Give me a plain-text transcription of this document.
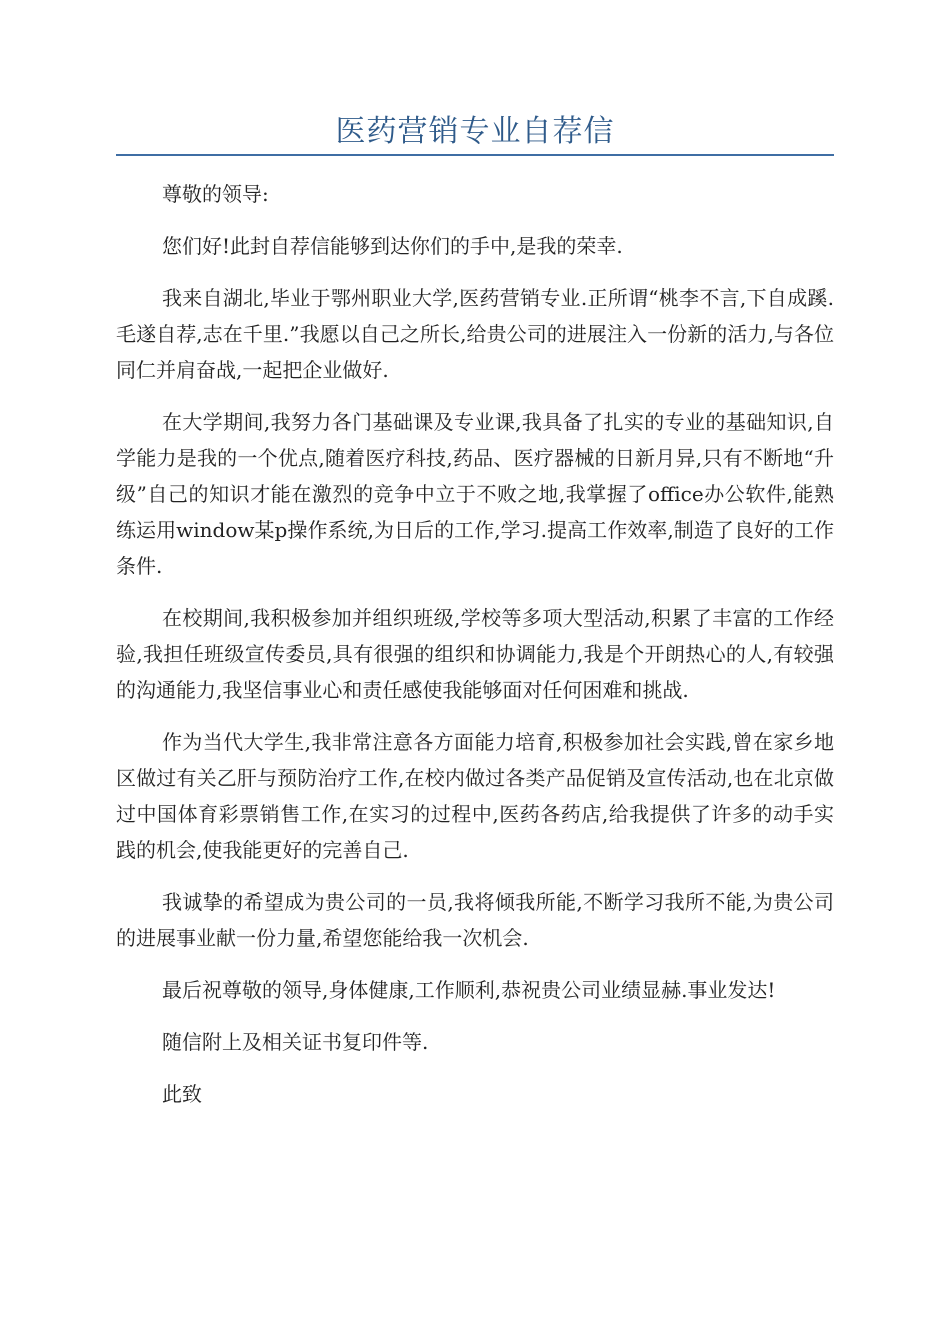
医药营销专业自荐信

尊敬的领导:

您们好!此封自荐信能够到达你们的手中,是我的荣幸.

我来自湖北,毕业于鄂州职业大学,医药营销专业.正所谓“桃李不言,下自成蹊.毛遂自荐,志在千里.”我愿以自己之所长,给贵公司的进展注入一份新的活力,与各位同仁并肩奋战,一起把企业做好.

在大学期间,我努力各门基础课及专业课,我具备了扎实的专业的基础知识,自学能力是我的一个优点,随着医疗科技,药品、医疗器械的日新月异,只有不断地“升级”自己的知识才能在激烈的竞争中立于不败之地,我掌握了office办公软件,能熟练运用window某p操作系统,为日后的工作,学习.提高工作效率,制造了良好的工作条件.

在校期间,我积极参加并组织班级,学校等多项大型活动,积累了丰富的工作经验,我担任班级宣传委员,具有很强的组织和协调能力,我是个开朗热心的人,有较强的沟通能力,我坚信事业心和责任感使我能够面对任何困难和挑战.

作为当代大学生,我非常注意各方面能力培育,积极参加社会实践,曾在家乡地区做过有关乙肝与预防治疗工作,在校内做过各类产品促销及宣传活动,也在北京做过中国体育彩票销售工作,在实习的过程中,医药各药店,给我提供了许多的动手实践的机会,使我能更好的完善自己.

我诚挚的希望成为贵公司的一员,我将倾我所能,不断学习我所不能,为贵公司的进展事业献一份力量,希望您能给我一次机会.

最后祝尊敬的领导,身体健康,工作顺利,恭祝贵公司业绩显赫.事业发达!

随信附上及相关证书复印件等.

此致
